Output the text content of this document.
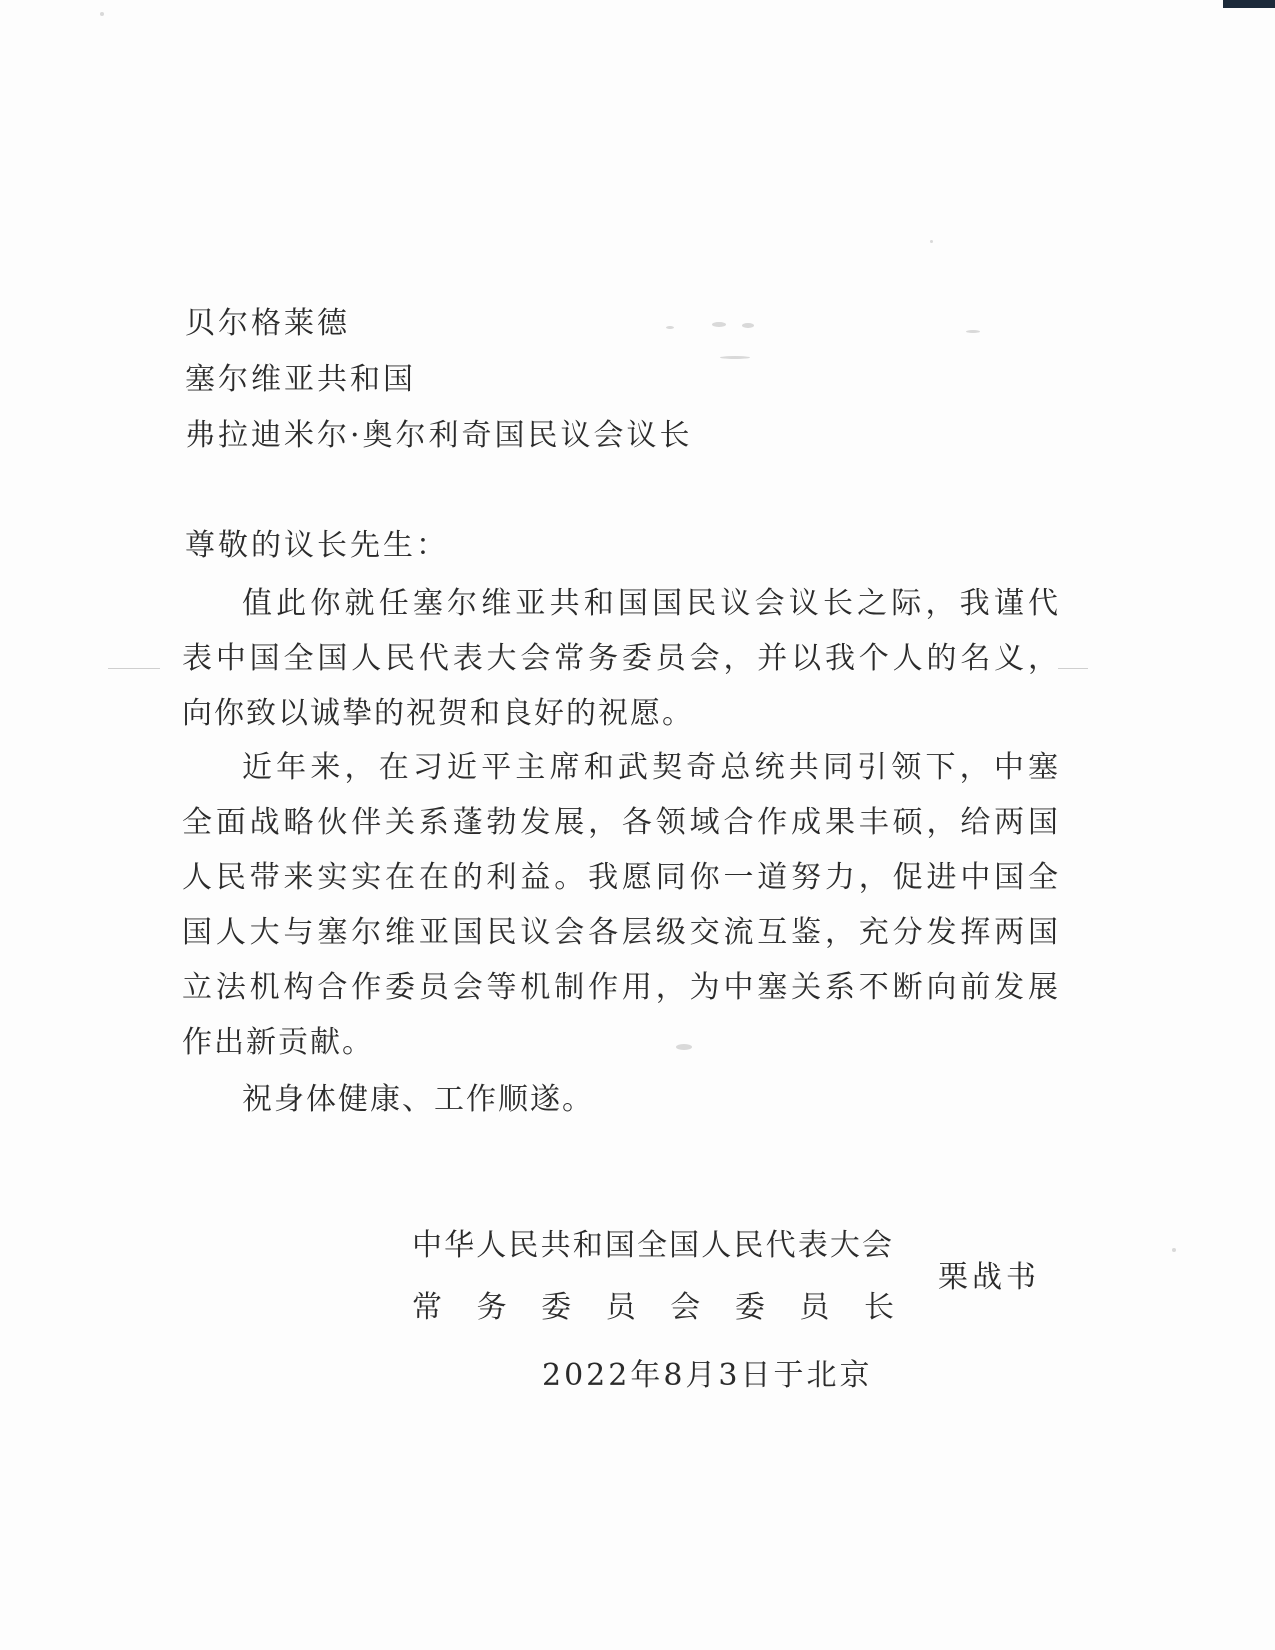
贝尔格莱德
塞尔维亚共和国
弗拉迪米尔·奥尔利奇国民议会议长
尊敬的议长先生：
值此你就任塞尔维亚共和国国民议会议长之际，我谨代
表中国全国人民代表大会常务委员会，并以我个人的名义，
向你致以诚挚的祝贺和良好的祝愿。
近年来，在习近平主席和武契奇总统共同引领下，中塞
全面战略伙伴关系蓬勃发展，各领域合作成果丰硕，给两国
人民带来实实在在的利益。我愿同你一道努力，促进中国全
国人大与塞尔维亚国民议会各层级交流互鉴，充分发挥两国
立法机构合作委员会等机制作用，为中塞关系不断向前发展
作出新贡献。
祝身体健康、工作顺遂。
中华人民共和国全国人民代表大会
常务委员会委员长
栗战书
2022年8月3日于北京
